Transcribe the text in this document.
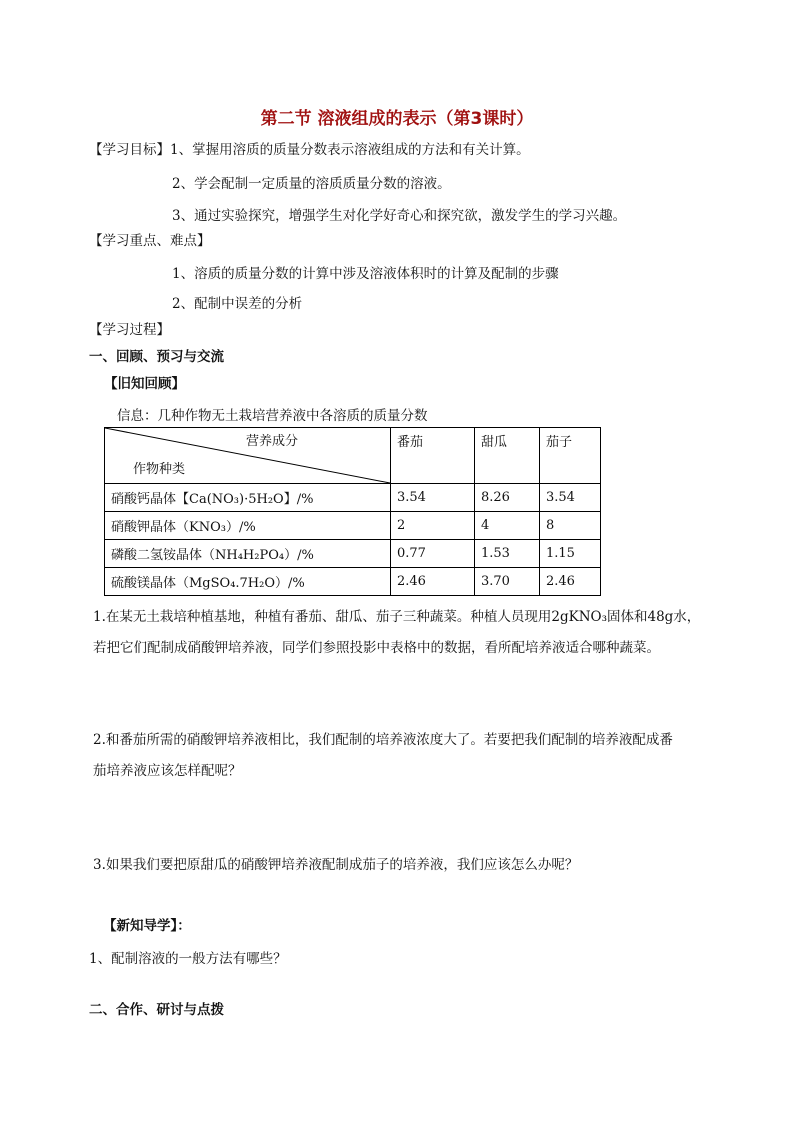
第二节 溶液组成的表示（第3课时）
【学习目标】1、掌握用溶质的质量分数表示溶液组成的方法和有关计算。
2、学会配制一定质量的溶质质量分数的溶液。
3、通过实验探究，增强学生对化学好奇心和探究欲，激发学生的学习兴趣。
【学习重点、难点】
1、溶质的质量分数的计算中涉及溶液体积时的计算及配制的步骤
2、配制中误差的分析
【学习过程】
一、回顾、预习与交流
【旧知回顾】
信息：几种作物无土栽培营养液中各溶质的质量分数
营养成分
作物种类	番茄	甜瓜	茄子
硝酸钙晶体【Ca(NO₃)·5H₂O】/%	3.54	8.26	3.54
硝酸钾晶体（KNO₃）/%	2	4	8
磷酸二氢铵晶体（NH₄H₂PO₄）/%	0.77	1.53	1.15
硫酸镁晶体（MgSO₄.7H₂O）/%	2.46	3.70	2.46
1.在某无土栽培种植基地，种植有番茄、甜瓜、茄子三种蔬菜。种植人员现用2gKNO₃固体和48g水，
若把它们配制成硝酸钾培养液，同学们参照投影中表格中的数据，看所配培养液适合哪种蔬菜。
2.和番茄所需的硝酸钾培养液相比，我们配制的培养液浓度大了。若要把我们配制的培养液配成番
茄培养液应该怎样配呢？
3.如果我们要把原甜瓜的硝酸钾培养液配制成茄子的培养液，我们应该怎么办呢？
【新知导学】：
1、配制溶液的一般方法有哪些？
二、合作、研讨与点拨
